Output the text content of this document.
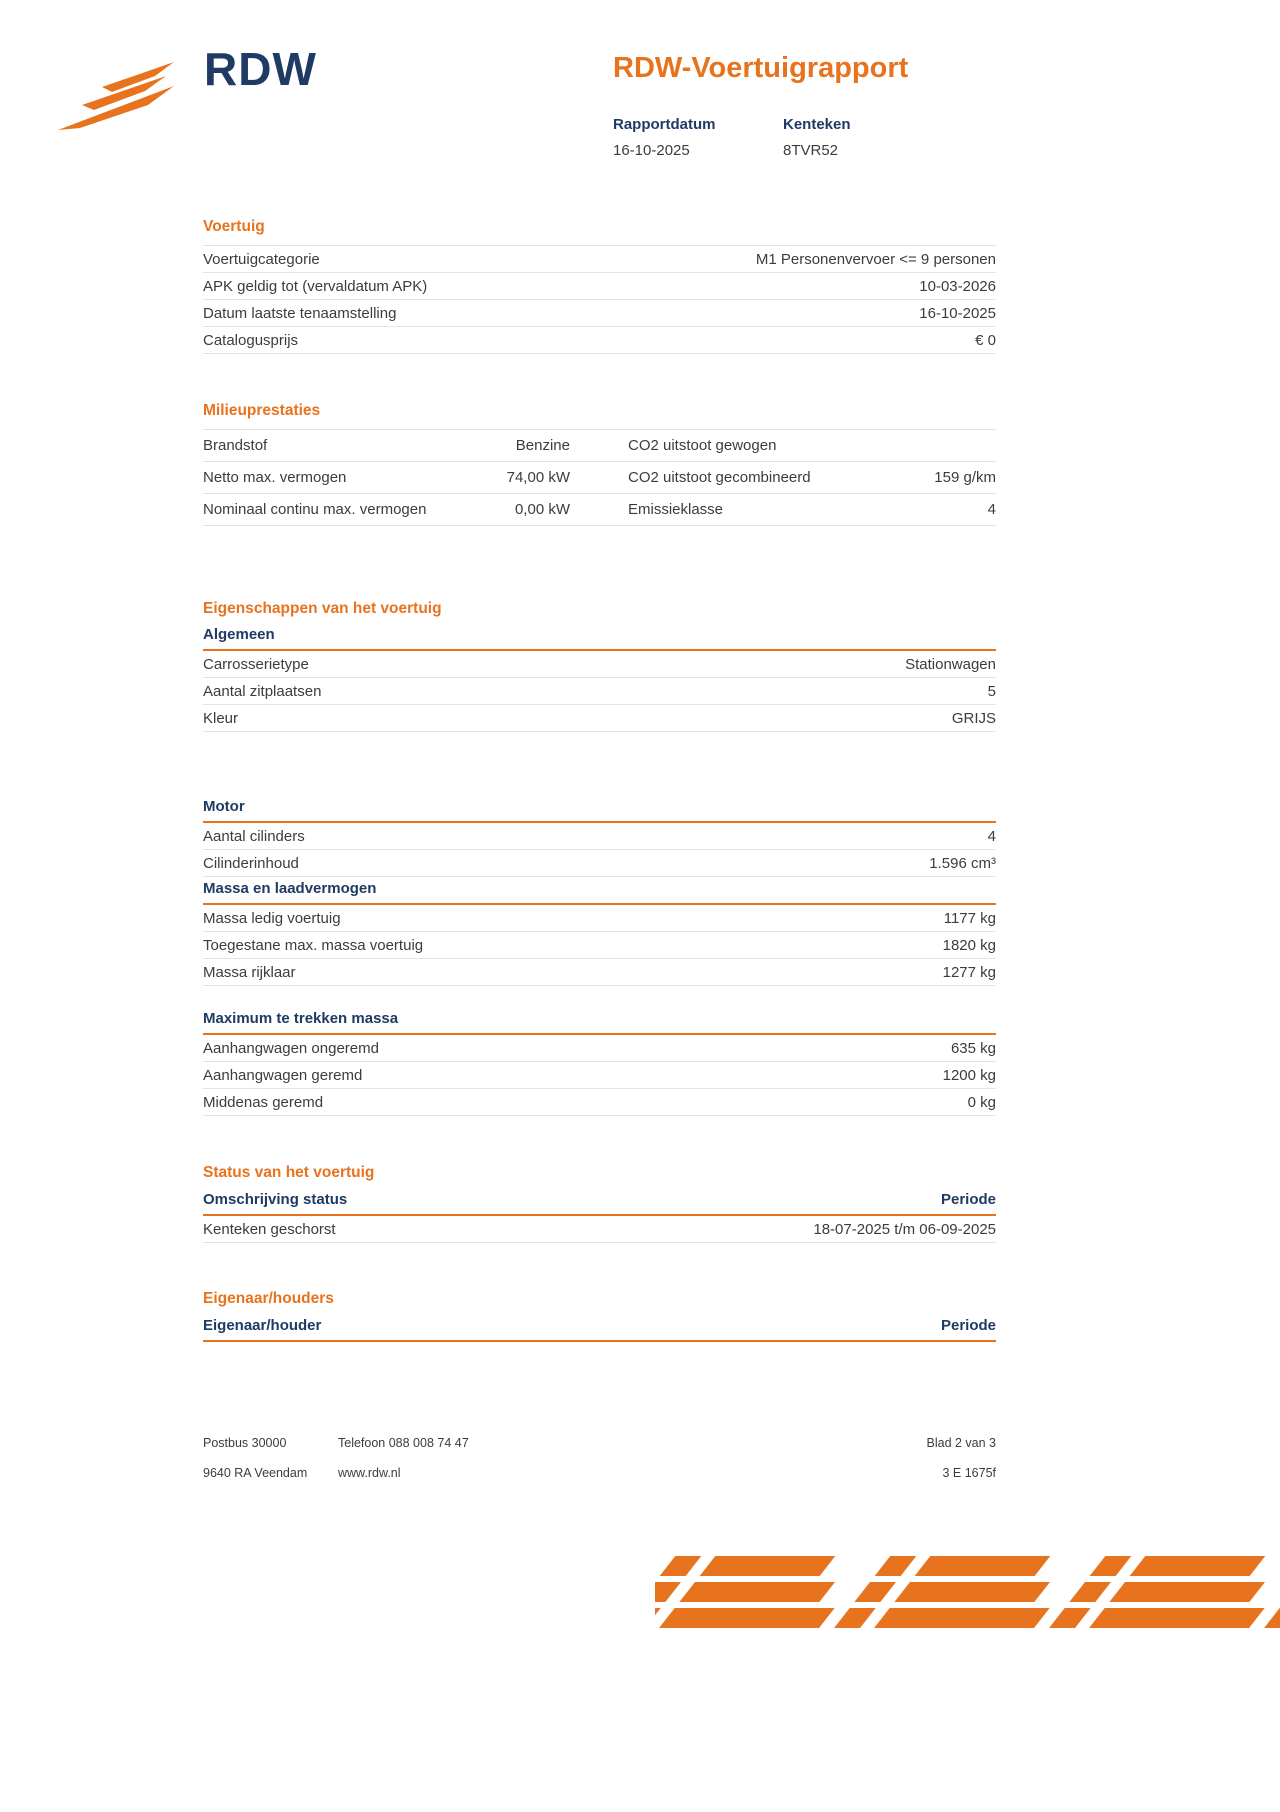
RDW	RDW-Voertuigrapport
Rapportdatum
16-10-2025
Kenteken
8TVR52
Voertuig
Voertuigcategorie	M1 Personenvervoer <= 9 personen
APK geldig tot (vervaldatum APK)	10-03-2026
Datum laatste tenaamstelling	16-10-2025
Catalogusprijs	€ 0
Milieuprestaties
Brandstof	Benzine	CO2 uitstoot gewogen
Netto max. vermogen	74,00 kW	CO2 uitstoot gecombineerd	159 g/km
Nominaal continu max. vermogen	0,00 kW	Emissieklasse	4
Eigenschappen van het voertuig
Algemeen
Carrosserietype	Stationwagen
Aantal zitplaatsen	5
Kleur	GRIJS
Motor
Aantal cilinders	4
Cilinderinhoud	1.596 cm³
Massa en laadvermogen
Massa ledig voertuig	1177 kg
Toegestane max. massa voertuig	1820 kg
Massa rijklaar	1277 kg
Maximum te trekken massa
Aanhangwagen ongeremd	635 kg
Aanhangwagen geremd	1200 kg
Middenas geremd	0 kg
Status van het voertuig
Omschrijving status	Periode
Kenteken geschorst	18-07-2025 t/m 06-09-2025
Eigenaar/houders
Eigenaar/houder	Periode
Postbus 30000	Telefoon 088 008 74 47	Blad 2 van 3
9640 RA Veendam www.rdw.nl	3 E 1675f
